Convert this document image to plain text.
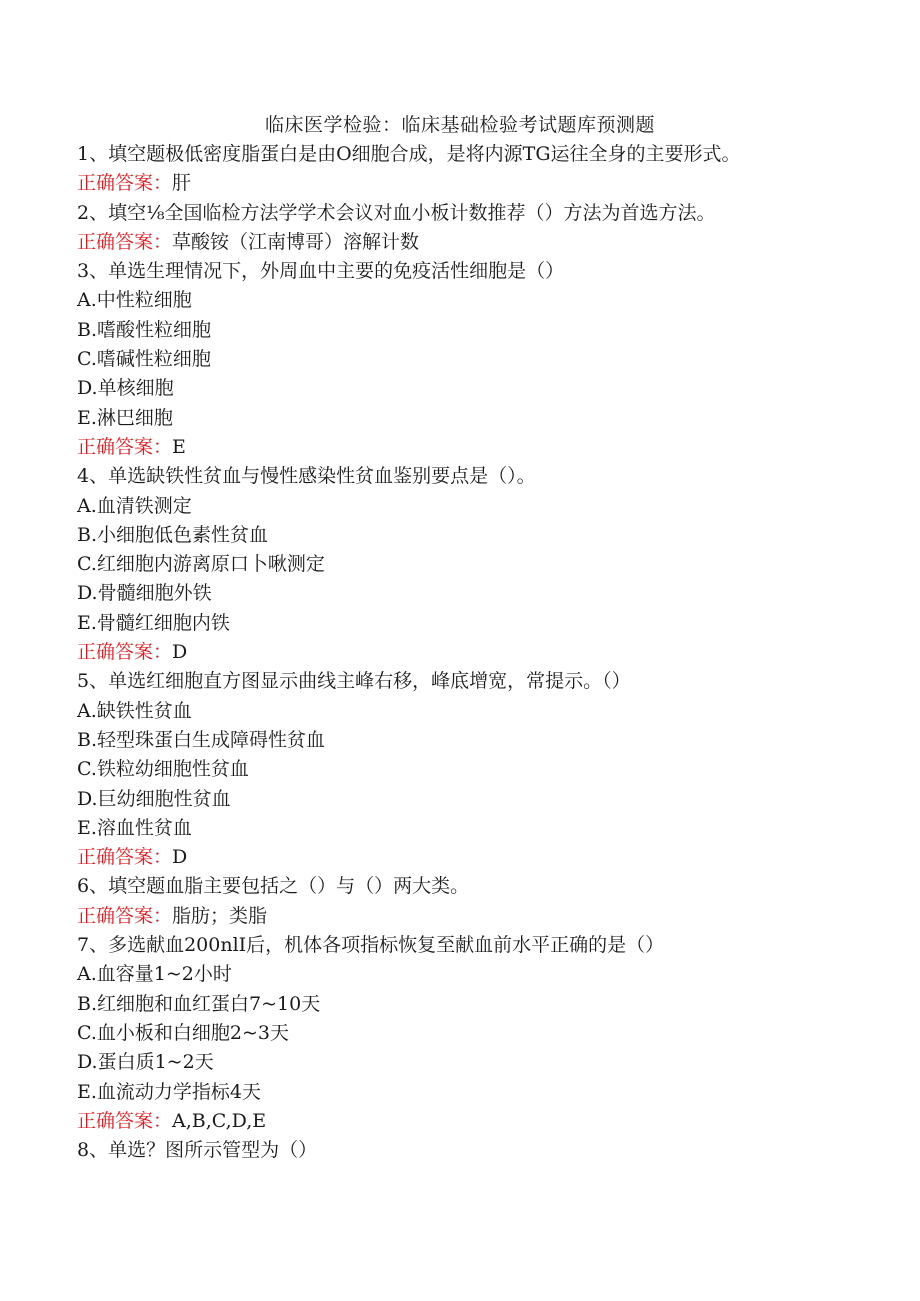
临床医学检验：临床基础检验考试题库预测题
1、填空题极低密度脂蛋白是由O细胞合成，是将内源TG运往全身的主要形式。
正确答案：肝
2、填空⅛全国临检方法学学术会议对血小板计数推荐（）方法为首选方法。
正确答案：草酸铵（江南博哥）溶解计数
3、单选生理情况下，外周血中主要的免疫活性细胞是（）
A.中性粒细胞
B.嗜酸性粒细胞
C.嗜碱性粒细胞
D.单核细胞
E.淋巴细胞
正确答案：E
4、单选缺铁性贫血与慢性感染性贫血鉴别要点是（）。
A.血清铁测定
B.小细胞低色素性贫血
C.红细胞内游离原口卜啾测定
D.骨髓细胞外铁
E.骨髓红细胞内铁
正确答案：D
5、单选红细胞直方图显示曲线主峰右移，峰底增宽，常提示。（）
A.缺铁性贫血
B.轻型珠蛋白生成障碍性贫血
C.铁粒幼细胞性贫血
D.巨幼细胞性贫血
E.溶血性贫血
正确答案：D
6、填空题血脂主要包括之（）与（）两大类。
正确答案：脂肪；类脂
7、多选献血200nlI后，机体各项指标恢复至献血前水平正确的是（）
A.血容量1~2小时
B.红细胞和血红蛋白7~10天
C.血小板和白细胞2~3天
D.蛋白质1~2天
E.血流动力学指标4天
正确答案：A,B,C,D,E
8、单选？图所示管型为（）
